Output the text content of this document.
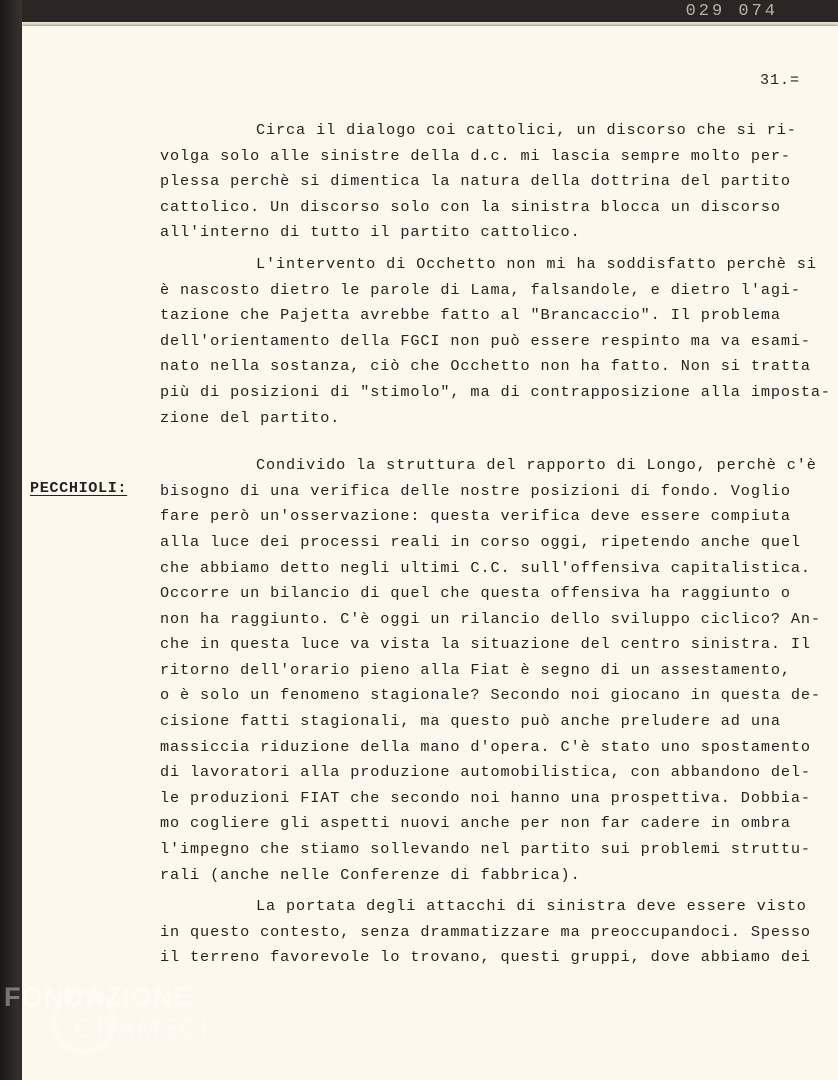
029 074

31.=

PECCHIOLI:

Circa il dialogo coi cattolici, un discorso che si ri-
volga solo alle sinistre della d.c. mi lascia sempre molto per-
plessa perchè si dimentica la natura della dottrina del partito
cattolico. Un discorso solo con la sinistra blocca un discorso
all'interno di tutto il partito cattolico.

L'intervento di Occhetto non mi ha soddisfatto perchè si
è nascosto dietro le parole di Lama, falsandole, e dietro l'agi-
tazione che Pajetta avrebbe fatto al "Brancaccio". Il problema
dell'orientamento della FGCI non può essere respinto ma va esami-
nato nella sostanza, ciò che Occhetto non ha fatto. Non si tratta
più di posizioni di "stimolo", ma di contrapposizione alla imposta-
zione del partito.

Condivido la struttura del rapporto di Longo, perchè c'è
bisogno di una verifica delle nostre posizioni di fondo. Voglio
fare però un'osservazione: questa verifica deve essere compiuta
alla luce dei processi reali in corso oggi, ripetendo anche quel
che abbiamo detto negli ultimi C.C. sull'offensiva capitalistica.
Occorre un bilancio di quel che questa offensiva ha raggiunto o
non ha raggiunto. C'è oggi un rilancio dello sviluppo ciclico? An-
che in questa luce va vista la situazione del centro sinistra. Il
ritorno dell'orario pieno alla Fiat è segno di un assestamento,
o è solo un fenomeno stagionale? Secondo noi giocano in questa de-
cisione fatti stagionali, ma questo può anche preludere ad una
massiccia riduzione della mano d'opera. C'è stato uno spostamento
di lavoratori alla produzione automobilistica, con abbandono del-
le produzioni FIAT che secondo noi hanno una prospettiva. Dobbia-
mo cogliere gli aspetti nuovi anche per non far cadere in ombra
l'impegno che stiamo sollevando nel partito sui problemi struttu-
rali (anche nelle Conferenze di fabbrica).

La portata degli attacchi di sinistra deve essere visto
in questo contesto, senza drammatizzare ma preoccupandoci. Spesso
il terreno favorevole lo trovano, questi gruppi, dove abbiamo dei

FONDAZIONE
GRAMSCI
